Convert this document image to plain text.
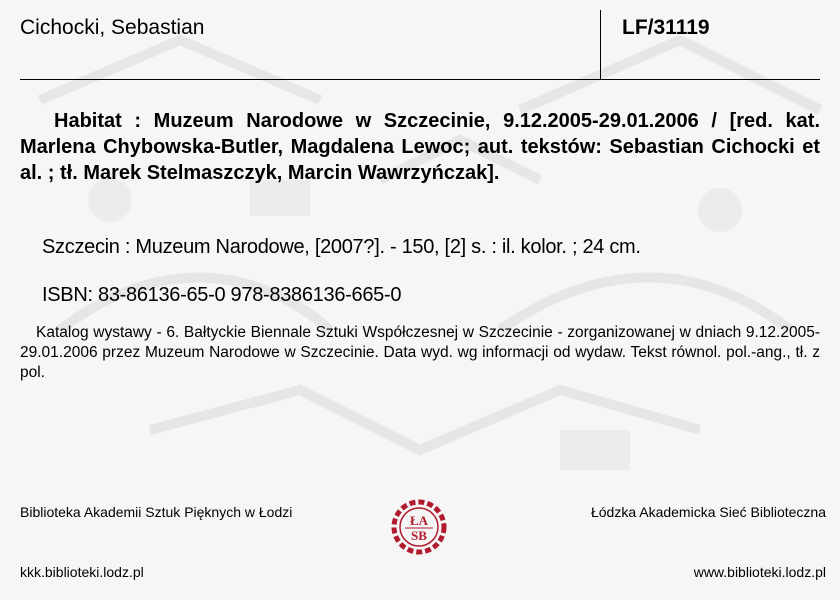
Cichocki, Sebastian	LF/31119
Habitat : Muzeum Narodowe w Szczecinie, 9.12.2005-29.01.2006 / [red. kat. Marlena Chybowska-Butler, Magdalena Lewoc; aut. tekstów: Sebastian Cichocki et al. ; tł. Marek Stelmaszczyk, Marcin Wawrzyńczak].
Szczecin : Muzeum Narodowe, [2007?]. - 150, [2] s. : il. kolor. ; 24 cm.
ISBN: 83-86136-65-0 978-8386136-665-0
Katalog wystawy - 6. Bałtyckie Biennale Sztuki Współczesnej w Szczecinie - zorganizowanej w dniach 9.12.2005-29.01.2006 przez Muzeum Narodowe w Szczecinie. Data wyd. wg informacji od wydaw. Tekst równol. pol.-ang., tł. z pol.
Biblioteka Akademii Sztuk Pięknych w Łodzi	Łódzka Akademicka Sieć Biblioteczna
ŁA
SB
kkk.biblioteki.lodz.pl	www.biblioteki.lodz.pl
